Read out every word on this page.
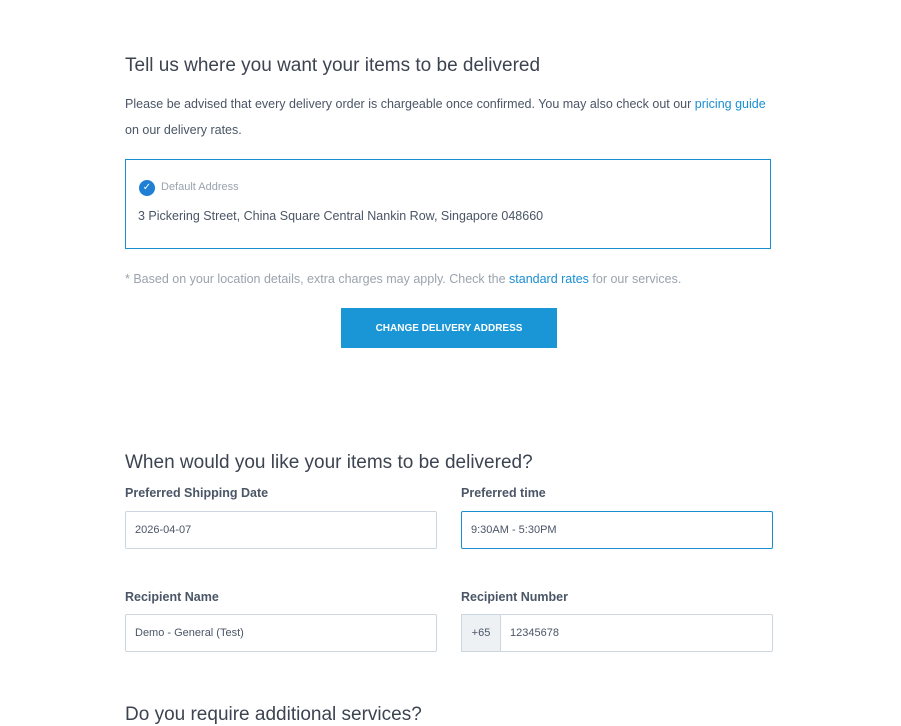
Tell us where you want your items to be delivered
Please be advised that every delivery order is chargeable once confirmed. You may also check out our pricing guide
on our delivery rates.
✓ Default Address
3 Pickering Street, China Square Central Nankin Row, Singapore 048660
* Based on your location details, extra charges may apply. Check the standard rates for our services.
CHANGE DELIVERY ADDRESS
When would you like your items to be delivered?
Preferred Shipping Date
2026-04-07
Preferred time
9:30AM - 5:30PM
Recipient Name
Demo - General (Test)
Recipient Number
+65	12345678
Do you require additional services?
